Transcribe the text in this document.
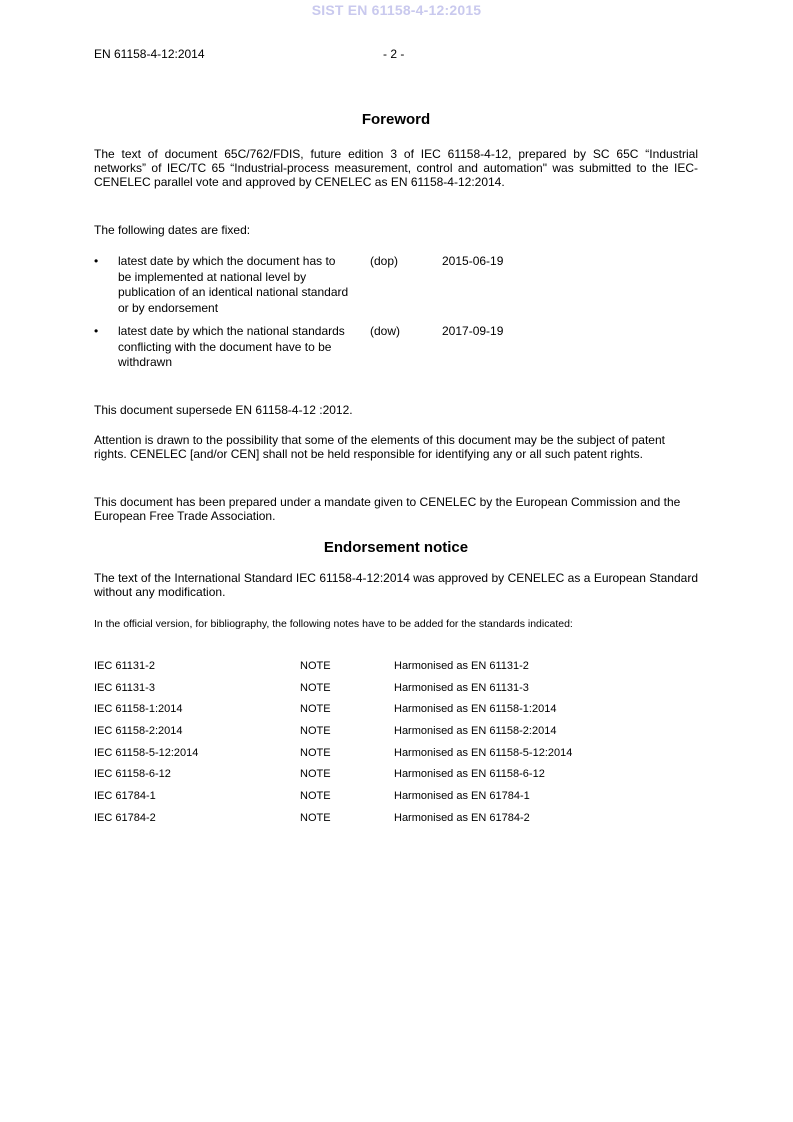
SIST EN 61158-4-12:2015
EN 61158-4-12:2014	- 2 -
Foreword
The text of document 65C/762/FDIS, future edition 3 of IEC 61158-4-12, prepared by SC 65C “Industrial networks” of IEC/TC 65 “Industrial-process measurement, control and automation" was submitted to the IEC-CENELEC parallel vote and approved by CENELEC as EN 61158-4-12:2014.
The following dates are fixed:
• latest date by which the document has to be implemented at national level by publication of an identical national standard or by endorsement
(dop)	2015-06-19
• latest date by which the national standards conflicting with the document have to be withdrawn
(dow)	2017-09-19
This document supersede EN 61158-4-12 :2012.
Attention is drawn to the possibility that some of the elements of this document may be the subject of patent rights. CENELEC [and/or CEN] shall not be held responsible for identifying any or all such patent rights.
This document has been prepared under a mandate given to CENELEC by the European Commission and the European Free Trade Association.
Endorsement notice
The text of the International Standard IEC 61158-4-12:2014 was approved by CENELEC as a European Standard without any modification.
In the official version, for bibliography, the following notes have to be added for the standards indicated:
IEC 61131-2	NOTE	Harmonised as EN 61131-2
IEC 61131-3	NOTE	Harmonised as EN 61131-3
IEC 61158-1:2014	NOTE	Harmonised as EN 61158-1:2014
IEC 61158-2:2014	NOTE	Harmonised as EN 61158-2:2014
IEC 61158-5-12:2014	NOTE	Harmonised as EN 61158-5-12:2014
IEC 61158-6-12	NOTE	Harmonised as EN 61158-6-12
IEC 61784-1	NOTE	Harmonised as EN 61784-1
IEC 61784-2	NOTE	Harmonised as EN 61784-2
